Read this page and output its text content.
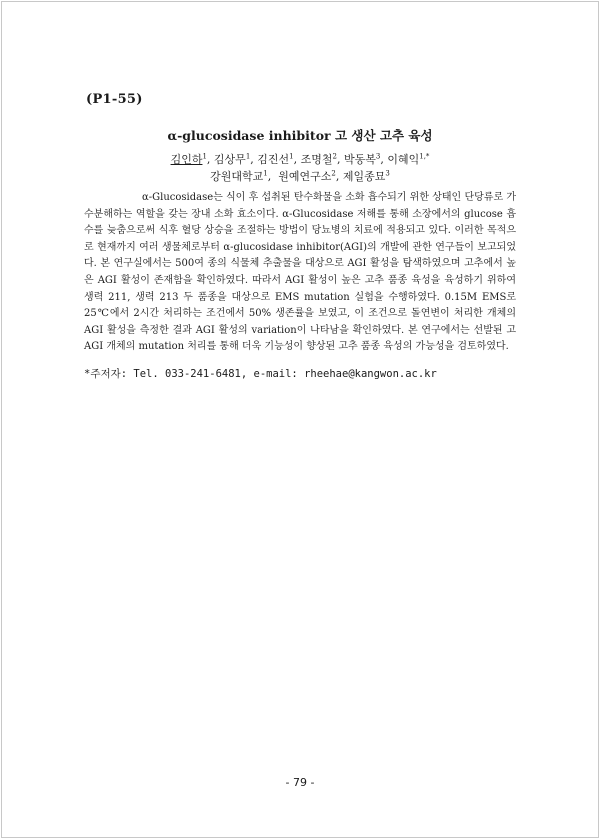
(P1-55)
α-glucosidase inhibitor 고 생산 고추 육성
김인하$^1$, 김상무$^1$, 김진선$^1$, 조명철$^2$, 박동복$^3$, 이혜익$^{1,*}$
강원대학교$^1$,  원예연구소$^2$, 제일종묘$^3$

α-Glucosidase는 식이 후 섭취된 탄수화물을 소화 흡수되기 위한 상태인 단당류로 가수분해하는 역할을 갖는 장내 소화 효소이다. α-Glucosidase 저해를 통해 소장에서의 glucose 흡수를 늦춤으로써 식후 혈당 상승을 조절하는 방법이 당뇨병의 치료에 적용되고 있다. 이러한 목적으로 현재까지 여러 생물체로부터 α-glucosidase inhibitor(AGI)의 개발에 관한 연구들이 보고되었다. 본 연구실에서는 500여 종의 식물체 추출물을 대상으로 AGI 활성을 탐색하였으며 고추에서 높은 AGI 활성이 존재함을 확인하였다. 따라서 AGI 활성이 높은 고추 품종 육성을 육성하기 위하여 생력 211, 생력 213 두 품종을 대상으로 EMS mutation 실험을 수행하였다. 0.15M EMS로 25℃에서 2시간 처리하는 조건에서 50% 생존률을 보였고, 이 조건으로 돌연변이 처리한 개체의 AGI 활성을 측정한 결과 AGI 활성의 variation이 나타남을 확인하였다. 본 연구에서는 선발된 고 AGI 개체의 mutation 처리를 통해 더욱 기능성이 향상된 고추 품종 육성의 가능성을 검토하였다.

*주저자: Tel. 033-241-6481, e-mail: rheehae@kangwon.ac.kr
- 79 -
